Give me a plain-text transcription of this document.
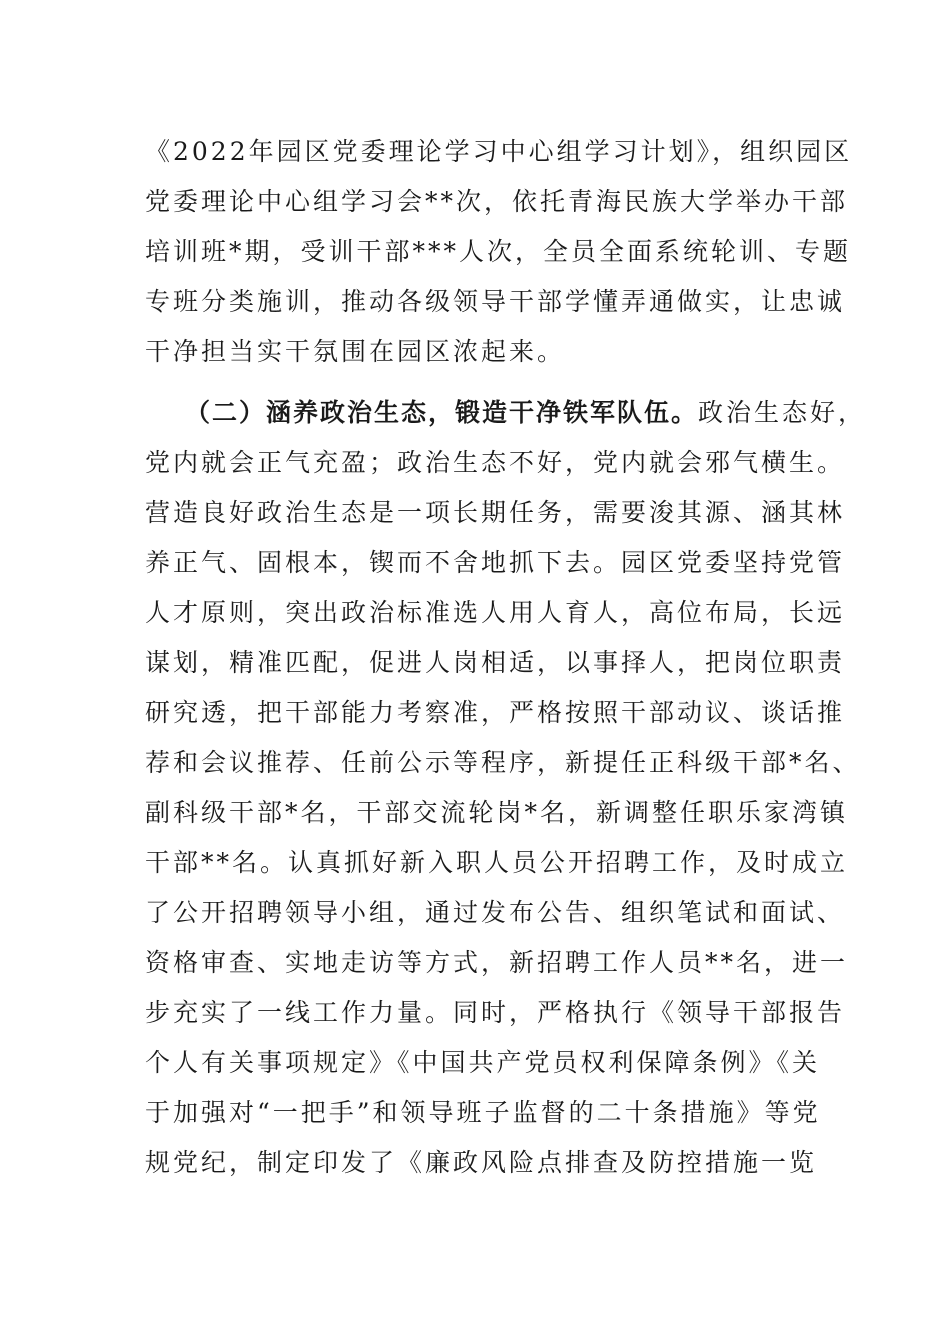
《2022年园区党委理论学习中心组学习计划》，组织园区
党委理论中心组学习会**次，依托青海民族大学举办干部
培训班*期，受训干部***人次，全员全面系统轮训、专题
专班分类施训，推动各级领导干部学懂弄通做实，让忠诚
干净担当实干氛围在园区浓起来。
（二）涵养政治生态，锻造干净铁军队伍。政治生态好，
党内就会正气充盈；政治生态不好，党内就会邪气横生。
营造良好政治生态是一项长期任务，需要浚其源、涵其林
养正气、固根本，锲而不舍地抓下去。园区党委坚持党管
人才原则，突出政治标准选人用人育人，高位布局，长远
谋划，精准匹配，促进人岗相适，以事择人，把岗位职责
研究透，把干部能力考察准，严格按照干部动议、谈话推
荐和会议推荐、任前公示等程序，新提任正科级干部*名、
副科级干部*名，干部交流轮岗*名，新调整任职乐家湾镇
干部**名。认真抓好新入职人员公开招聘工作，及时成立
了公开招聘领导小组，通过发布公告、组织笔试和面试、
资格审查、实地走访等方式，新招聘工作人员**名，进一
步充实了一线工作力量。同时，严格执行《领导干部报告
个人有关事项规定》《中国共产党员权利保障条例》《关
于加强对“一把手”和领导班子监督的二十条措施》等党
规党纪，制定印发了《廉政风险点排查及防控措施一览
